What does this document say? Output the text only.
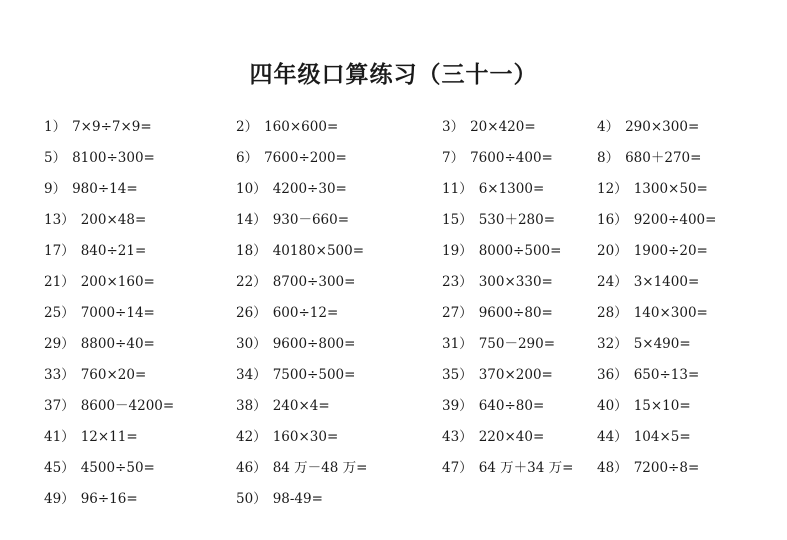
四年级口算练习（三十一）
1） 7×9÷7×9=	2） 160×600=	3） 20×420=	4） 290×300=
5） 8100÷300=	6） 7600÷200=	7） 7600÷400=	8） 680＋270=
9） 980÷14=	10） 4200÷30=	11） 6×1300=	12） 1300×50=
13） 200×48=	14） 930－660=	15） 530＋280=	16） 9200÷400=
17） 840÷21=	18） 40180×500=	19） 8000÷500=	20） 1900÷20=
21） 200×160=	22） 8700÷300=	23） 300×330=	24） 3×1400=
25） 7000÷14=	26） 600÷12=	27） 9600÷80=	28） 140×300=
29） 8800÷40=	30） 9600÷800=	31） 750－290=	32） 5×490=
33） 760×20=	34） 7500÷500=	35） 370×200=	36） 650÷13=
37） 8600－4200=	38） 240×4=	39） 640÷80=	40） 15×10=
41） 12×11=	42） 160×30=	43） 220×40=	44） 104×5=
45） 4500÷50=	46） 84 万－48 万=	47） 64 万＋34 万= 48） 7200÷8=
49） 96÷16=	50） 98-49=
